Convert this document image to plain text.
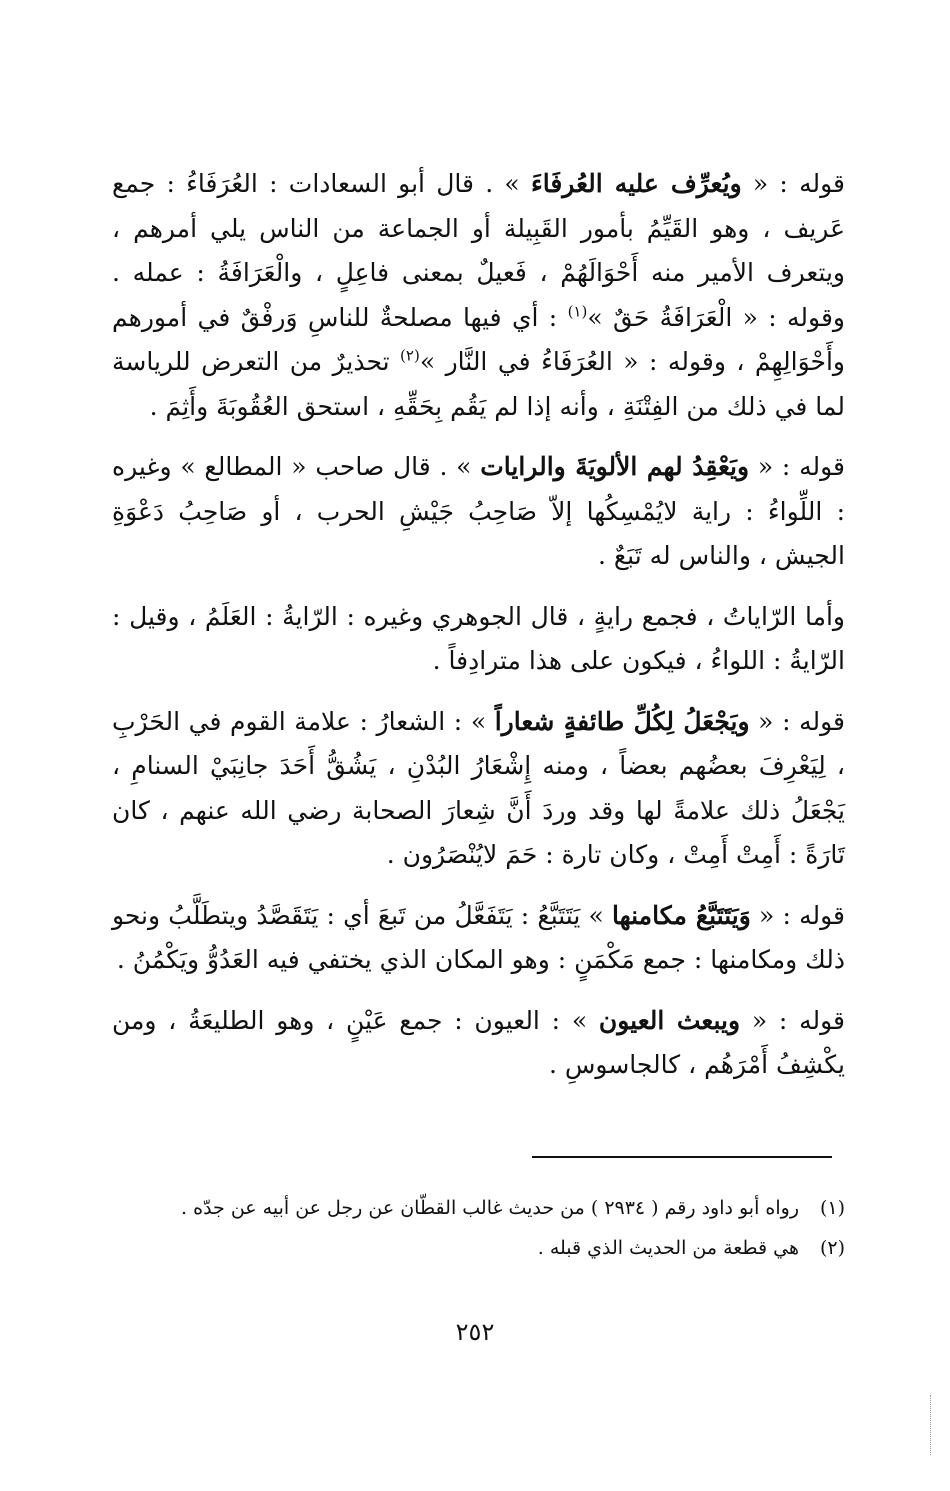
قوله : « ويُعرِّف عليه العُرفَاءَ » . قال أبو السعادات : العُرَفَاءُ : جمع عَريف ، وهو القَيِّمُ بأمور القَبِيلة أو الجماعة من الناس يلي أمرهم ، ويتعرف الأمير منه أَحْوَالَهُمْ ، فَعيلٌ بمعنى فاعِلٍ ، والْعَرَافَةُ : عمله . وقوله : « الْعَرَافَةُ حَقٌ »$^{(١)}$ : أي فيها مصلحةٌ للناسِ وَرفْقٌ في أمورهم وأَحْوَالِهِمْ ، وقوله : « العُرَفَاءُ في النَّار »$^{(٢)}$ تحذيرٌ من التعرض للرياسة لما في ذلك من الفِتْنَةِ ، وأنه إذا لم يَقُم بِحَقِّهِ ، استحق العُقُوبَةَ وأَثِمَ .

قوله : « ويَعْقِدُ لهم الألويَةَ والرايات » . قال صاحب « المطالع » وغيره : اللِّواءُ : راية لايُمْسِكُها إلاّ صَاحِبُ جَيْشِ الحرب ، أو صَاحِبُ دَعْوَةِ الجيش ، والناس له تَبَعٌ .

وأما الرّاياتُ ، فجمع رايةٍ ، قال الجوهري وغيره : الرّايةُ : العَلَمُ ، وقيل : الرّايةُ : اللواءُ ، فيكون على هذا مترادِفاً .

قوله : « ويَجْعَلُ لِكُلِّ طائفةٍ شعاراً » : الشعارُ : علامة القوم في الحَرْبِ ، لِيَعْرِفَ بعضُهم بعضاً ، ومنه إِشْعَارُ البُدْنِ ، يَشُقُّ أَحَدَ جانِبَيْ السنامِ ، يَجْعَلُ ذلك علامةً لها وقد وردَ أَنَّ شِعارَ الصحابة رضي الله عنهم ، كان تَارَةً : أَمِتْ أَمِتْ ، وكان تارة : حَمَ لايُنْصَرُون .

قوله : « وَيَتَتَبَّعُ مكامنها » يَتَتَبَّعُ : يَتَفَعَّلُ من تَبعَ أي : يَتَقَصَّدُ ويتطَلَّبُ ونحو ذلك ومكامنها : جمع مَكْمَنٍ : وهو المكان الذي يختفي فيه العَدُوُّ ويَكْمُنُ .

قوله : « ويبعث العيون » : العيون : جمع عَيْنٍ ، وهو الطليعَةُ ، ومن يكْشِفُ أَمْرَهُم ، كالجاسوسِ .

(١)
رواه أبو داود رقم ( ٢٩٣٤ ) من حديث غالب القطّان عن رجل عن أبيه عن جدّه .
(٢)
هي قطعة من الحديث الذي قبله .
٢٥٢
